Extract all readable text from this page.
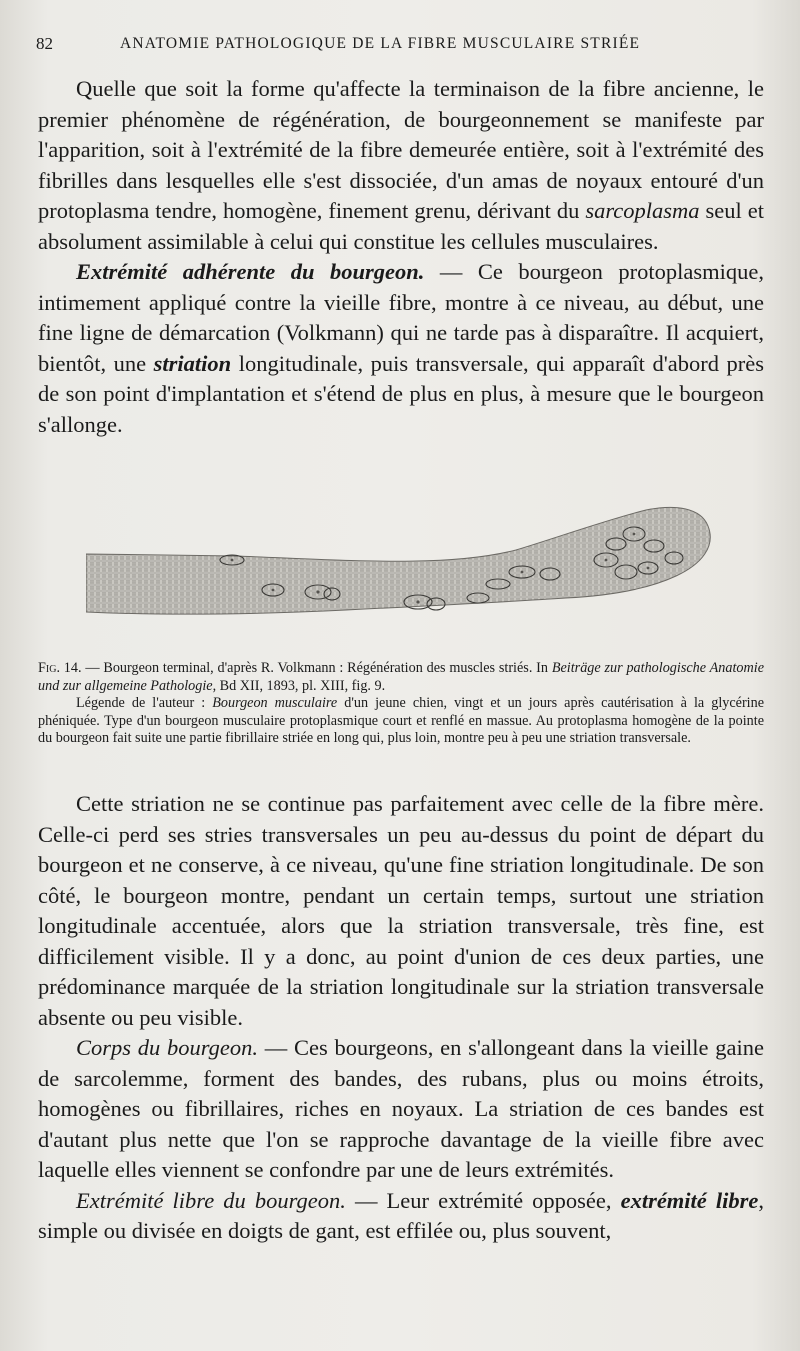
82	ANATOMIE PATHOLOGIQUE DE LA FIBRE MUSCULAIRE STRIÉE

Quelle que soit la forme qu'affecte la terminaison de la fibre ancienne, le premier phénomène de régénération, de bourgeonnement se manifeste par l'apparition, soit à l'extrémité de la fibre demeurée entière, soit à l'extrémité des fibrilles dans lesquelles elle s'est dissociée, d'un amas de noyaux entouré d'un protoplasma tendre, homogène, finement grenu, dérivant du sarcoplasma seul et absolument assimilable à celui qui constitue les cellules musculaires.

Extrémité adhérente du bourgeon. — Ce bourgeon protoplasmique, intimement appliqué contre la vieille fibre, montre à ce niveau, au début, une fine ligne de démarcation (Volkmann) qui ne tarde pas à disparaître. Il acquiert, bientôt, une striation longitudinale, puis transversale, qui apparaît d'abord près de son point d'implantation et s'étend de plus en plus, à mesure que le bourgeon s'allonge.

Fig. 14. — Bourgeon terminal, d'après R. Volkmann : Régénération des muscles striés. In Beiträge zur pathologische Anatomie und zur allgemeine Pathologie, Bd XII, 1893, pl. XIII, fig. 9.

Légende de l'auteur : Bourgeon musculaire d'un jeune chien, vingt et un jours après cautérisation à la glycérine phéniquée. Type d'un bourgeon musculaire protoplasmique court et renflé en massue. Au protoplasma homogène de la pointe du bourgeon fait suite une partie fibrillaire striée en long qui, plus loin, montre peu à peu une striation transversale.

Cette striation ne se continue pas parfaitement avec celle de la fibre mère. Celle-ci perd ses stries transversales un peu au-dessus du point de départ du bourgeon et ne conserve, à ce niveau, qu'une fine striation longitudinale. De son côté, le bourgeon montre, pendant un certain temps, surtout une striation longitudinale accentuée, alors que la striation transversale, très fine, est difficilement visible. Il y a donc, au point d'union de ces deux parties, une prédominance marquée de la striation longitudinale sur la striation transversale absente ou peu visible.

Corps du bourgeon. — Ces bourgeons, en s'allongeant dans la vieille gaine de sarcolemme, forment des bandes, des rubans, plus ou moins étroits, homogènes ou fibrillaires, riches en noyaux. La striation de ces bandes est d'autant plus nette que l'on se rapproche davantage de la vieille fibre avec laquelle elles viennent se confondre par une de leurs extrémités.

Extrémité libre du bourgeon. — Leur extrémité opposée, extrémité libre, simple ou divisée en doigts de gant, est effilée ou, plus souvent,
